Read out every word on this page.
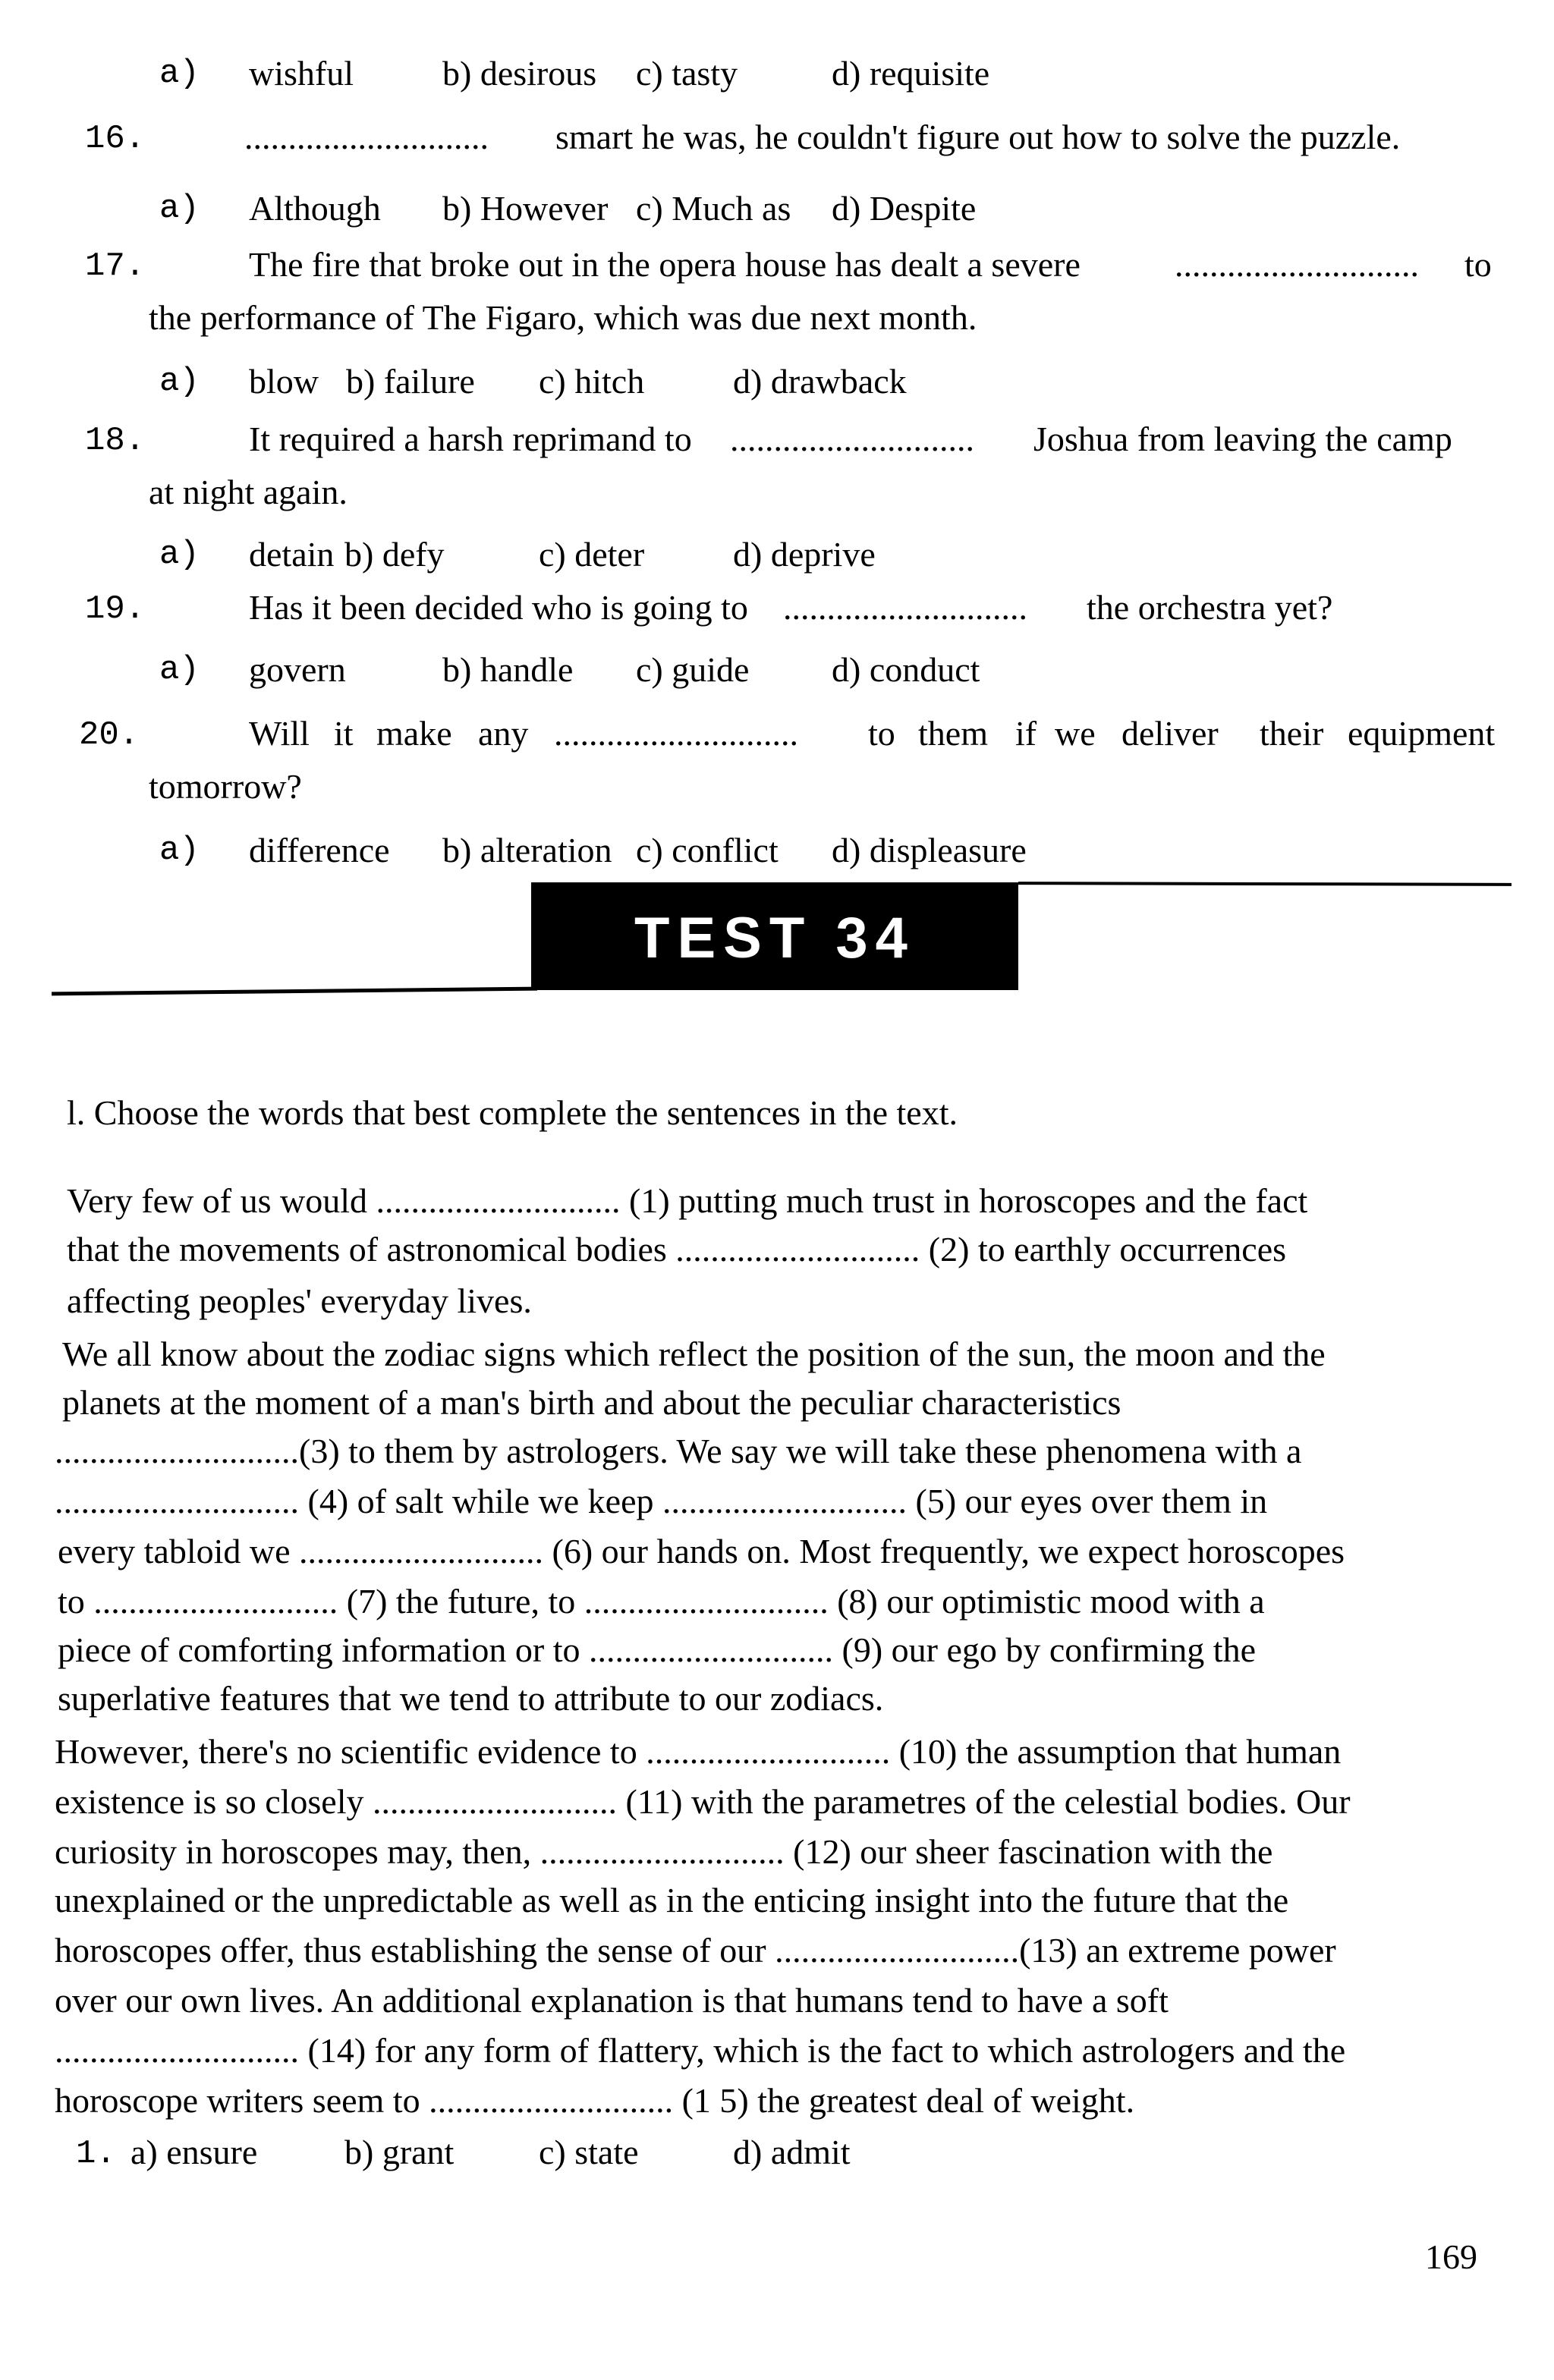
a) wishful	b) desirous c) tasty	d) requisite
16.	............................ smart he was, he couldn't figure out how to solve the puzzle.
a) Although b) However c) Much as d) Despite
17.	The fire that broke out in the opera house has dealt a severe	............................ to
the performance of The Figaro, which was due next month.
a) blow b) failure c) hitch	d) drawback
18.	It required a harsh reprimand to ............................ Joshua from leaving the camp
at night again.
a) detain b) defy	c) deter	d) deprive
19.	Has it been decided who is going to ............................ the orchestra yet?
a) govern	b) handle c) guide d) conduct
20.	Will it make any ............................ to them if we deliver their equipment
tomorrow?
a) difference b) alteration c) conflict d) displeasure
TEST 34
l. Choose the words that best complete the sentences in the text.
Very few of us would ............................ (1) putting much trust in horoscopes and the fact
that the movements of astronomical bodies ............................ (2) to earthly occurrences
affecting peoples' everyday lives.
We all know about the zodiac signs which reflect the position of the sun, the moon and the
planets at the moment of a man's birth and about the peculiar characteristics
............................(3) to them by astrologers. We say we will take these phenomena with a
............................ (4) of salt while we keep ............................ (5) our eyes over them in
every tabloid we ............................ (6) our hands on. Most frequently, we expect horoscopes
to ............................ (7) the future, to ............................ (8) our optimistic mood with a
piece of comforting information or to ............................ (9) our ego by confirming the
superlative features that we tend to attribute to our zodiacs.
However, there's no scientific evidence to ............................ (10) the assumption that human
existence is so closely ............................ (11) with the parametres of the celestial bodies. Our
curiosity in horoscopes may, then, ............................ (12) our sheer fascination with the
unexplained or the unpredictable as well as in the enticing insight into the future that the
horoscopes offer, thus establishing the sense of our ............................(13) an extreme power
over our own lives. An additional explanation is that humans tend to have a soft
............................ (14) for any form of flattery, which is the fact to which astrologers and the
horoscope writers seem to ............................ (1 5) the greatest deal of weight.
1. a) ensure b) grant c) state	d) admit
169
